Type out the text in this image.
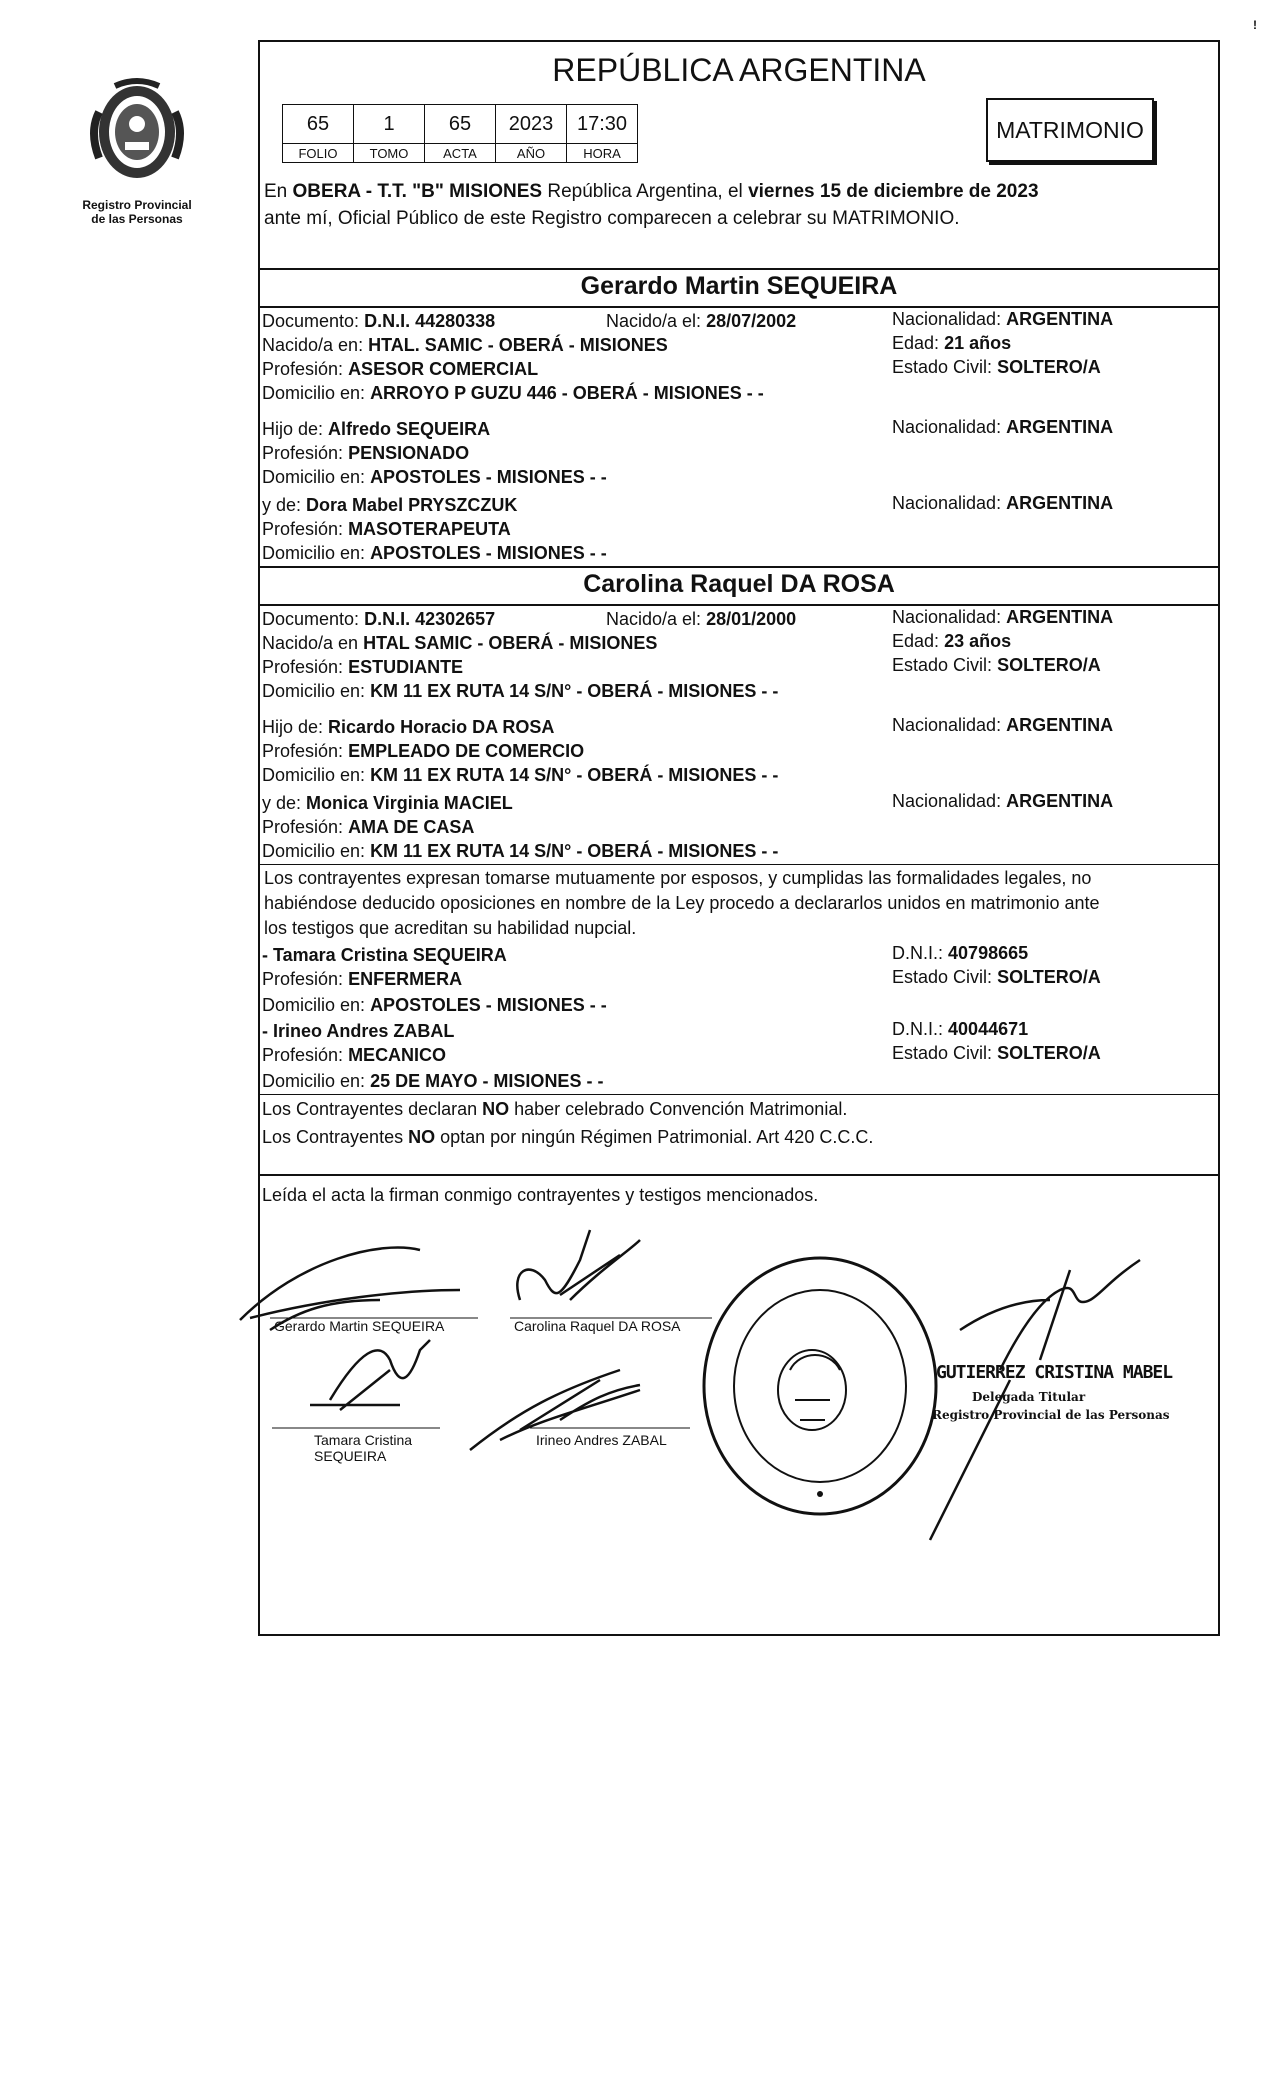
!
Registro Provincial
de las Personas
REPÚBLICA ARGENTINA
65	1	65	2023	17:30
FOLIO	TOMO	ACTA	AÑO	HORA
MATRIMONIO
En OBERA - T.T. "B" MISIONES República Argentina, el viernes 15 de diciembre de 2023
ante mí, Oficial Público de este Registro comparecen a celebrar su MATRIMONIO.
Gerardo Martin SEQUEIRA
Documento: D.N.I. 44280338	Nacido/a el: 28/07/2002	Nacionalidad: ARGENTINA
Nacido/a en: HTAL. SAMIC - OBERÁ - MISIONES	Edad: 21 años
Profesión: ASESOR COMERCIAL	Estado Civil: SOLTERO/A
Domicilio en: ARROYO P GUZU 446 - OBERÁ - MISIONES - -
Hijo de: Alfredo SEQUEIRA	Nacionalidad: ARGENTINA
Profesión: PENSIONADO
Domicilio en: APOSTOLES - MISIONES - -
y de: Dora Mabel PRYSZCZUK	Nacionalidad: ARGENTINA
Profesión: MASOTERAPEUTA
Domicilio en: APOSTOLES - MISIONES - -
Carolina Raquel DA ROSA
Documento: D.N.I. 42302657	Nacido/a el: 28/01/2000	Nacionalidad: ARGENTINA
Nacido/a en HTAL SAMIC - OBERÁ - MISIONES	Edad: 23 años
Profesión: ESTUDIANTE	Estado Civil: SOLTERO/A
Domicilio en: KM 11 EX RUTA 14 S/N° - OBERÁ - MISIONES - -
Hijo de: Ricardo Horacio DA ROSA	Nacionalidad: ARGENTINA
Profesión: EMPLEADO DE COMERCIO
Domicilio en: KM 11 EX RUTA 14 S/N° - OBERÁ - MISIONES - -
y de: Monica Virginia MACIEL	Nacionalidad: ARGENTINA
Profesión: AMA DE CASA
Domicilio en: KM 11 EX RUTA 14 S/N° - OBERÁ - MISIONES - -
Los contrayentes expresan tomarse mutuamente por esposos, y cumplidas las formalidades legales, no
habiéndose deducido oposiciones en nombre de la Ley procedo a declararlos unidos en matrimonio ante
los testigos que acreditan su habilidad nupcial.
- Tamara Cristina SEQUEIRA	D.N.I.: 40798665
Profesión: ENFERMERA	Estado Civil: SOLTERO/A
Domicilio en: APOSTOLES - MISIONES - -
- Irineo Andres ZABAL	D.N.I.: 40044671
Profesión: MECANICO	Estado Civil: SOLTERO/A
Domicilio en: 25 DE MAYO - MISIONES - -
Los Contrayentes declaran NO haber celebrado Convención Matrimonial.
Los Contrayentes NO optan por ningún Régimen Patrimonial. Art 420 C.C.C.
Leída el acta la firman conmigo contrayentes y testigos mencionados.
Gerardo Martin SEQUEIRA	Carolina Raquel DA ROSA
Tamara Cristina
SEQUEIRA
Irineo Andres ZABAL
GUTIERREZ CRISTINA MABEL
Delegada Titular
Registro Provincial de las Personas
